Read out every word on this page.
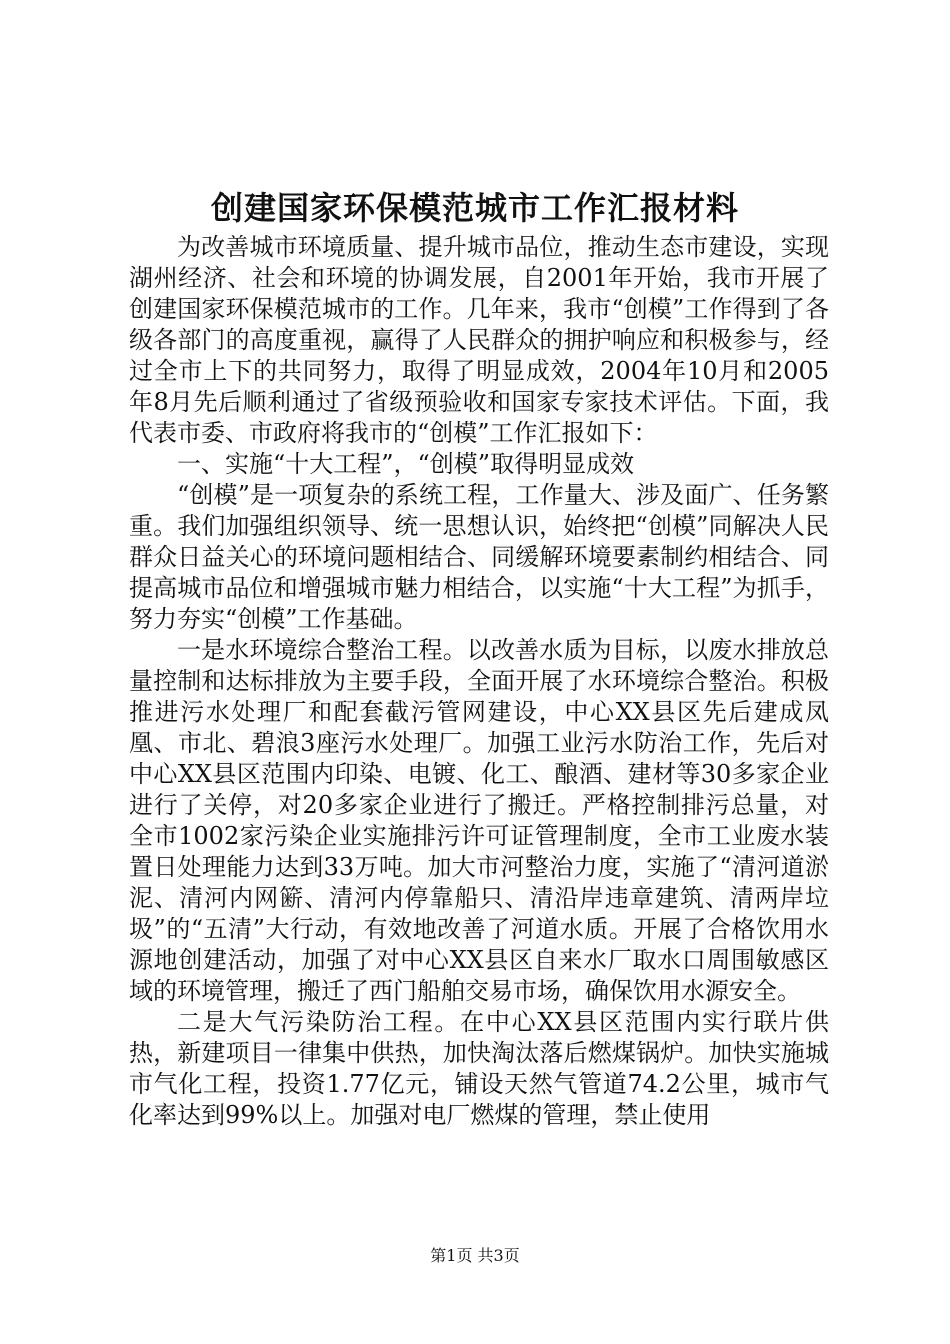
创建国家环保模范城市工作汇报材料

为改善城市环境质量、提升城市品位，推动生态市建设，实现湖州经济、社会和环境的协调发展，自2001年开始，我市开展了创建国家环保模范城市的工作。几年来，我市“创模”工作得到了各级各部门的高度重视，赢得了人民群众的拥护响应和积极参与，经过全市上下的共同努力，取得了明显成效，2004年10月和2005年8月先后顺利通过了省级预验收和国家专家技术评估。下面，我代表市委、市政府将我市的“创模”工作汇报如下：

一、实施“十大工程”，“创模”取得明显成效

“创模”是一项复杂的系统工程，工作量大、涉及面广、任务繁重。我们加强组织领导、统一思想认识，始终把“创模”同解决人民群众日益关心的环境问题相结合、同缓解环境要素制约相结合、同提高城市品位和增强城市魅力相结合，以实施“十大工程”为抓手，努力夯实“创模”工作基础。

一是水环境综合整治工程。以改善水质为目标，以废水排放总量控制和达标排放为主要手段，全面开展了水环境综合整治。积极推进污水处理厂和配套截污管网建设，中心XX县区先后建成凤凰、市北、碧浪3座污水处理厂。加强工业污水防治工作，先后对中心XX县区范围内印染、电镀、化工、酿酒、建材等30多家企业进行了关停，对20多家企业进行了搬迁。严格控制排污总量，对全市1002家污染企业实施排污许可证管理制度，全市工业废水装置日处理能力达到33万吨。加大市河整治力度，实施了“清河道淤泥、清河内网簖、清河内停靠船只、清沿岸违章建筑、清两岸垃圾”的“五清”大行动，有效地改善了河道水质。开展了合格饮用水源地创建活动，加强了对中心XX县区自来水厂取水口周围敏感区域的环境管理，搬迁了西门船舶交易市场，确保饮用水源安全。

二是大气污染防治工程。在中心XX县区范围内实行联片供热，新建项目一律集中供热，加快淘汰落后燃煤锅炉。加快实施城市气化工程，投资1.77亿元，铺设天然气管道74.2公里，城市气化率达到99%以上。加强对电厂燃煤的管理，禁止使用

第1页 共3页
